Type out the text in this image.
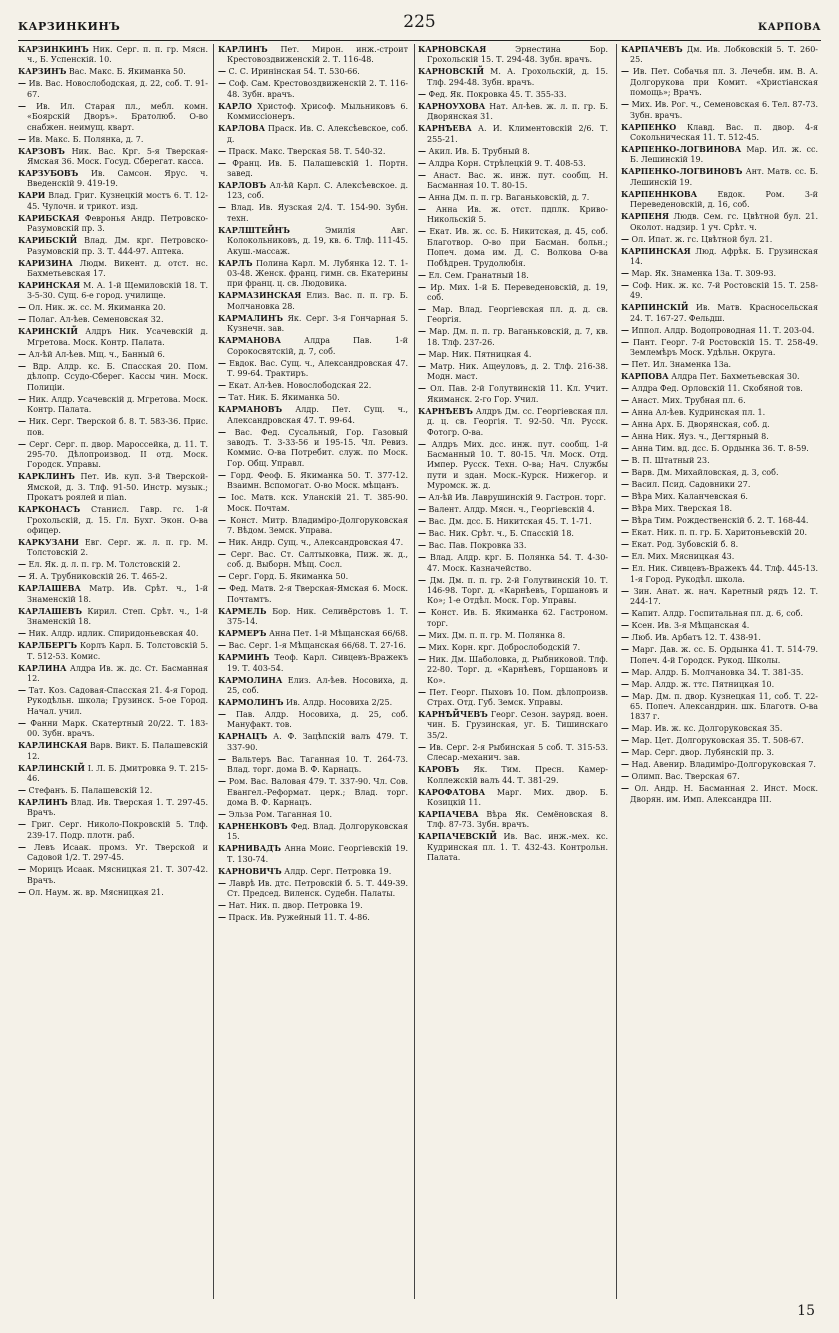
КАРЗИНКИНЪ	225	КАРПОВА

КАРЗИНКИНЪ Ник. Серг. п. п. гр. Мясн. ч., Б. Успенскій. 10.

КАРЗИНЪ Вас. Макс. Б. Якиманка 50.

— Ив. Вас. Новослободская, д. 22, соб. Т. 91-67.

— Ив. Ил. Старая пл., мебл. комн. «Боярскій Дворъ». Братолюб. О-во снабжен. неимущ. кварт.

— Ив. Макс. Б. Полянка, д. 7.

КАРЗОВЪ Ник. Вас. Крг. 5-я Тверская-Ямская 36. Моск. Госуд. Сберегат. касса.

КАРЗУБОВЪ Ив. Самсон. Ярус. ч. Введенскій 9. 419-19.

КАРИ Влад. Григ. Кузнецкій мостъ 6. Т. 12-45. Чулочн. и трикот. изд.

КАРИБСКАЯ Февронья Андр. Петровско-Разумовскій пр. 3.

КАРИБСКІЙ Влад. Дм. крг. Петровско-Разумовскій пр. 3. Т. 444-97. Аптека.

КАРИЗИНА Людм. Викент. д. отст. нс. Бахметьевская 17.

КАРИНСКАЯ М. А. 1-й Щемиловскій 18. Т. 3-5-30. Сущ. 6-е город. училище.

— Ол. Ник. ж. сс. М. Якиманка 20.

— Полаг. Ал-ѣев. Семеновская 32.

КАРИНСКІЙ Алдръ Ник. Усачевскій д. Мгретова. Моск. Контр. Палата.

— Ал-ѣй Ал-ѣев. Мщ. ч., Банный 6.

— Вдр. Алдр. кс. Б. Спасская 20. Пом. дѣлопр. Ссудо-Сберег. Кассы чин. Моск. Полиціи.

— Ник. Алдр. Усачевскій д. Мгретова. Моск. Контр. Палата.

— Ник. Серг. Тверской б. 8. Т. 583-36. Прис. пов.

— Серг. Серг. п. двор. Мароссейка, д. 11. Т. 295-70. Дѣлопроизвод. II отд. Моск. Городск. Управы.

КАРКЛИНЪ Пет. Ив. куп. 3-й Тверской-Ямской, д. 3. Тлф. 91-50. Инстр. музык.; Прокатъ роялей и пian.

КАРКОНАСЪ Станисл. Гавр. гс. 1-й Грохольскій, д. 15. Гл. Бухг. Экон. О-ва офицер.

КАРКУЗАНИ Евг. Серг. ж. л. п. гр. М. Толстовскій 2.

— Ел. Як. д. л. п. гр. М. Толстовскій 2.

— Я. А. Трубниковскій 26. Т. 465-2.

КАРЛАШЕВА Матр. Ив. Срѣт. ч., 1-й Знаменскій 18.

КАРЛАШЕВЪ Кирил. Степ. Срѣт. ч., 1-й Знаменскій 18.

— Ник. Алдр. идлик. Спиридоньевская 40.

КАРЛБЕРГЪ Корлъ Карл. Б. Толстовскій 5. Т. 512-53. Комис.

КАРЛИНА Алдра Ив. ж. дс. Ст. Басманная 12.

— Тат. Коз. Садовая-Спасская 21. 4-я Город. Рукодѣльн. школа; Грузинск. 5-ое Город. Начал. учил.

— Фанни Марк. Скатертный 20/22. Т. 183-00. Зубн. врачъ.

КАРЛИНСКАЯ Варв. Викт. Б. Палашевскій 12.

КАРЛИНСКІЙ І. Л. Б. Дмитровка 9. Т. 215-46.

— Стефанъ. Б. Палашевскій 12.

КАРЛИНЪ Влад. Ив. Тверская 1. Т. 297-45. Врачъ.

— Григ. Серг. Николо-Покровскій 5. Тлф. 239-17. Подр. плотн. раб.

— Левъ Исаак. промз. Уг. Тверской и Садовой 1/2. Т. 297-45.

— Морицъ Исаак. Мясницкая 21. Т. 307-42. Врачъ.

— Ол. Наум. ж. вр. Мясницкая 21.

КАРЛИНЪ Пет. Мирон. инж.-строит Крестовоздвиженскій 2. Т. 116-48.

— С. С. Иринінская 54. Т. 530-66.

— Соф. Сам. Крестовоздвиженскій 2. Т. 116-48. Зубн. врачъ.

КАРЛО Христоф. Хрисоф. Мыльниковъ 6. Коммиссіонеръ.

КАРЛОВА Праск. Ив. С. Алексѣевское, соб. д.

— Праск. Макс. Тверская 58. Т. 540-32.

— Франц. Ив. Б. Палашевскій 1. Портн. завед.

КАРЛОВЪ Ал-ѣй Карл. С. Алексѣевское. д. 123, соб.

— Влад. Ив. Яузская 2/4. Т. 154-90. Зубн. техн.

КАРЛШТЕЙНЪ	Эмилія Авг. Колокольниковъ, д. 19, кв. 6. Тлф. 111-45. Акуш.-массаж.

КАРЛЪ Полина Карл. М. Лубянка 12. Т. 1-03-48. Женск. франц. гимн. св. Екатерины при франц. ц. св. Людовика.

КАРМАЗИНСКАЯ Елиз. Вас. п. п. гр. Б. Молчановка 28.

КАРМАЛИНЪ Як. Серг. 3-я Гончарная 5. Кузнечн. зав.

КАРМАНОВА	Алдра Пав. 1-й Сорокосвятскій, д. 7, соб.

— Евдок. Вас. Сущ. ч., Александровская 47. Т. 99-64. Трактиръ.

— Екат. Ал-ѣев. Новослободская 22.

— Тат. Ник. Б. Якиманка 50.

КАРМАНОВЪ Алдр. Пет. Сущ. ч., Александровская 47. Т. 99-64.

— Вас. Фед. Сусальный, Гор. Газовый заводъ. Т. 3-33-56 и 195-15. Чл. Ревиз. Коммис. О-ва Потребит. служ. по Моск. Гор. Общ. Управл.

— Горд. Феоф. Б. Якиманка 50. Т. 377-12. Взаимн. Вспомогат. О-во Моск. мѣщанъ.

— Іос. Матв. кск. Уланскій 21. Т. 385-90. Моск. Почтам.

— Конст. Митр. Владиміро-Долгоруковская 7. Вѣдом. Земск. Управа.

— Ник. Андр. Сущ. ч., Александровская 47.

— Серг. Вас. Ст. Салтыковка, Пиж. ж. д., соб. д. Выборн. Мѣщ. Сосл.

— Серг. Горд. Б. Якиманка 50.

— Фед. Матв. 2-я Тверская-Ямская 6. Моск. Почтамтъ.

КАРМЕЛЬ Бор. Ник. Селивёрстовъ 1. Т. 375-14.

КАРМЕРЪ Анна Пет. 1-й Мѣщанская 66/68.

— Вас. Серг. 1-я Мѣщанская 66/68. Т. 27-16.

КАРМИНЪ Теоф. Карл. Сивцевъ-Вражекъ 19. Т. 403-54.

КАРМОЛИНА Елиз. Ал-ѣев. Носовиха, д. 25, соб.

КАРМОЛИНЪ Ив. Алдр. Носовиха 2/25.

— Пав. Алдр. Носовиха, д. 25, соб. Мануфакт. тов.

КАРНАЦЪ А. Ф. Зацѣпскій валъ 479. Т. 337-90.

— Вальтеръ Вас. Таганная 10. Т. 264-73. Влад. торг. дома В. Ф. Карнацъ.

— Ром. Вас. Валовая 479. Т. 337-90. Чл. Сов. Евангел.-Реформат. церк.; Влад. торг. дома В. Ф. Карнацъ.

— Эльза Ром. Таганная 10.

КАРНЕНКОВЪ Фед. Влад. Долгоруковская 15.

КАРНИВАДЪ Анна Моис. Георгіевскій 19. Т. 130-74.

КАРНОВИЧЪ Алдр. Серг. Петровка 19.

— Лаврѣ Ив. дтс. Петровскій б. 5. Т. 449-39. Ст. Председ. Виленск. Судебн. Палаты.

— Нат. Ник. п. двор. Петровка 19.

— Праск. Ив. Ружейный 11. Т. 4-86.

КАРНОВСКАЯ	Эрнестина Бор. Грохольскій 15. Т. 294-48. Зубн. врачъ.

КАРНОВСКІЙ М. А. Грохольскій, д. 15. Тлф. 294-48. Зубн. врачъ.

— Фед. Як. Покровка 45. Т. 355-33.

КАРНОУХОВА Нат. Ал-ѣев. ж. л. п. гр. Б. Дворянская 31.

КАРНѢЕВА А. И. Климентовскій 2/6. Т. 255-21.

— Акил. Ив. Б. Трубный 8.

— Алдра Корн. Стрѣлецкій 9. Т. 408-53.

— Анаст. Вас. ж. инж. пут. сообщ. Н. Басманная 10. Т. 80-15.

— Анна Дм. п. п. гр. Ваганьковскій, д. 7.

— Анна Ив. ж. отст. пдплк. Криво-Никольскій 5.

— Екат. Ив. ж. сс. Б. Никитская, д. 45, соб. Благотвор. О-во при Басман. больн.; Попеч. дома им. Д. С. Волкова О-ва Побѣдрен. Трудолюбія.

— Ел. Сем. Гранатный 18.

— Ир. Мих. 1-й Б. Переведеновскій, д. 19, соб.

— Мар. Влад. Георгіевская пл. д. д. св. Георгія.

— Мар. Дм. п. п. гр. Ваганьковскій, д. 7, кв. 18. Тлф. 237-26.

— Мар. Ник. Пятницкая 4.

— Матр. Ник. Ащеуловъ, д. 2. Тлф. 216-38. Модн. маст.

— Ол. Пав. 2-й Голутвинскій 11. Кл. Учит. Якиманск. 2-го Гор. Учил.

КАРНѢЕВЪ Алдръ Дм. сс. Георгіевская пл. д. ц. св. Георгія. Т. 92-50. Чл. Русск. Фотогр. О-ва.

— Алдръ Мих. дсс. инж. пут. сообщ. 1-й Басманный 10. Т. 80-15. Чл. Моск. Отд. Импер. Русск. Техн. О-ва; Нач. Службы пути и здан. Моск.-Курск. Нижегор. и Муромск. ж. д.

— Ал-ѣй Ив. Лаврушинскій 9. Гастрон. торг.

— Валент. Алдр. Мясн. ч., Георгіевскій 4.

— Вас. Дм. дсс. Б. Никитская 45. Т. 1-71.

— Вас. Ник. Срѣт. ч., Б. Спасскій 18.

— Вас. Пав. Покровка 33.

— Влад. Алдр. крг. Б. Полянка 54. Т. 4-30-47. Моск. Казначейство.

— Дм. Дм. п. п. гр. 2-й Голутвинскій 10. Т. 146-98. Торг. д. «Карнѣевъ, Горшановъ и Ко»; 1-е Отдѣл. Моск. Гор. Управы.

— Конст. Ив. Б. Якиманка 62. Гастроном. торг.

— Мих. Дм. п. п. гр. М. Полянка 8.

— Мих. Корн. крг. Доброслободскій 7.

— Ник. Дм. Шаболовка, д. Рыбниковой. Тлф. 22-80. Торг. д. «Карнѣевъ, Горшановъ и Ко».

— Пет. Георг. Пыховъ 10. Пом. дѣлопроизв. Страх. Отд. Губ. Земск. Управы.

КАРНѢЙЧЕВЪ Георг. Сезон. зауряд. воен. чин. Б. Грузинская, уг. Б. Тишинскаго 35/2.

— Ив. Серг. 2-я Рыбинская 5 соб. Т. 315-53. Слесар.-механич. зав.

КАРОВЪ Як. Тим. Пресн. Камер-Коллежскій валъ 44. Т. 381-29.

КАРОФАТОВА Марг. Мих. двор. Б. Козицкій 11.

КАРПАЧЕВА Вѣра Як. Семёновская 8. Тлф. 87-73. Зубн. врачъ.

КАРПАЧЕВСКІЙ Ив. Вас. инж.-мех. кс. Кудринская пл. 1. Т. 432-43. Контрольн. Палата.

КАРПАЧЕВЪ Дм. Ив. Лобковскій 5. Т. 260-25.

— Ив. Пет. Собачья пл. 3. Лечебн. им. В. А. Долгорукова при Комит. «Христіанская помощь»; Врачъ.

— Мих. Ив. Рог. ч., Семеновская 6. Тел. 87-73. Зубн. врачъ.

КАРПЕНКО Клавд. Вас. п. двор. 4-я Сокольническая 11. Т. 512-45.

КАРПЕНКО-ЛОГВИНОВА Мар. Ил. ж. сс. Б. Лешинскій 19.

КАРПЕНКО-ЛОГВИНОВЪ Ант. Матв. сс. Б. Лешинскій 19.

КАРПЕННКОВА	Евдок. Ром. 3-й Переведеновскій, д. 16, соб.

КАРПЕНЯ Людв. Сем. гс. Цвѣтной бул. 21. Околот. надзир. 1 уч. Срѣт. ч.

— Ол. Ипат. ж. гс. Цвѣтной бул. 21.

КАРПИНСКАЯ Люд. Афрѣк. Б. Грузинская 14.

— Мар. Як. Знаменка 13а. Т. 309-93.

— Соф. Ник. ж. кс. 7-й Ростовскій 15. Т. 258-49.

КАРПИНСКІЙ Ив. Матв. Красносельская 24. Т. 167-27. Фельдш.

— Иппол. Алдр. Водопроводная 11. Т. 203-04.

— Пант. Георг. 7-й Ростовскій 15. Т. 258-49. Землемѣръ Моск. Удѣльн. Округа.

— Пет. Ил. Знаменка 13а.

КАРПОВА Алдра Пет. Бахметьевская 30.

— Алдра Фед. Орловскій 11. Скобяной тов.

— Анаст. Мих. Трубная пл. 6.

— Анна Ал-ѣев. Кудринская пл. 1.

— Анна Арх. Б. Дворянская, соб. д.

— Анна Ник. Яуз. ч., Дегтярный 8.

— Анна Тим. вд. дсс. Б. Ордынка 36. Т. 8-59.

— В. П. Штатный 23.

— Варв. Дм. Михайловская, д. 3, соб.

— Васил. Псид. Садовники 27.

— Вѣра Мих. Каланчевская 6.

— Вѣра Мих. Тверская 18.

— Вѣра Тим. Рождественскій б. 2. Т. 168-44.

— Екат. Ник. п. п. гр. Б. Харитоньевскій 20.

— Екат. Род. Зубовскій б. 8.

— Ел. Мих. Мясницкая 43.

— Ел. Ник. Сивцевъ-Вражекъ 44. Тлф. 445-13. 1-я Город. Рукодѣл. школа.

— Зин. Анат. ж. нач. Каретный рядъ 12. Т. 244-17.

— Капит. Алдр. Госпитальная пл. д. 6, соб.

— Ксен. Ив. 3-я Мѣщанская 4.

— Люб. Ив. Арбатъ 12. Т. 438-91.

— Марг. Дав. ж. сс. Б. Ордынка 41. Т. 514-79. Попеч. 4-й Городск. Рукод. Школы.

— Мар. Алдр. Б. Молчановка 34. Т. 381-35.

— Мар. Алдр. ж. ттс. Пятницкая 10.

— Мар. Дм. п. двор. Кузнецкая 11, соб. Т. 22-65. Попеч. Александрин. шк. Благотв. О-ва 1837 г.

— Мар. Ив. ж. кс. Долгоруковская 35.

— Мар. Цет. Долгоруковская 35. Т. 508-67.

— Мар. Серг. двор. Лубянскій пр. 3.

— Над. Авенир. Владиміро-Долгоруковская 7.

— Олимп. Вас. Тверская 67.

— Ол. Андр. Н. Басманная 2. Инст. Моск. Дворян. им. Имп. Александра III.

15
